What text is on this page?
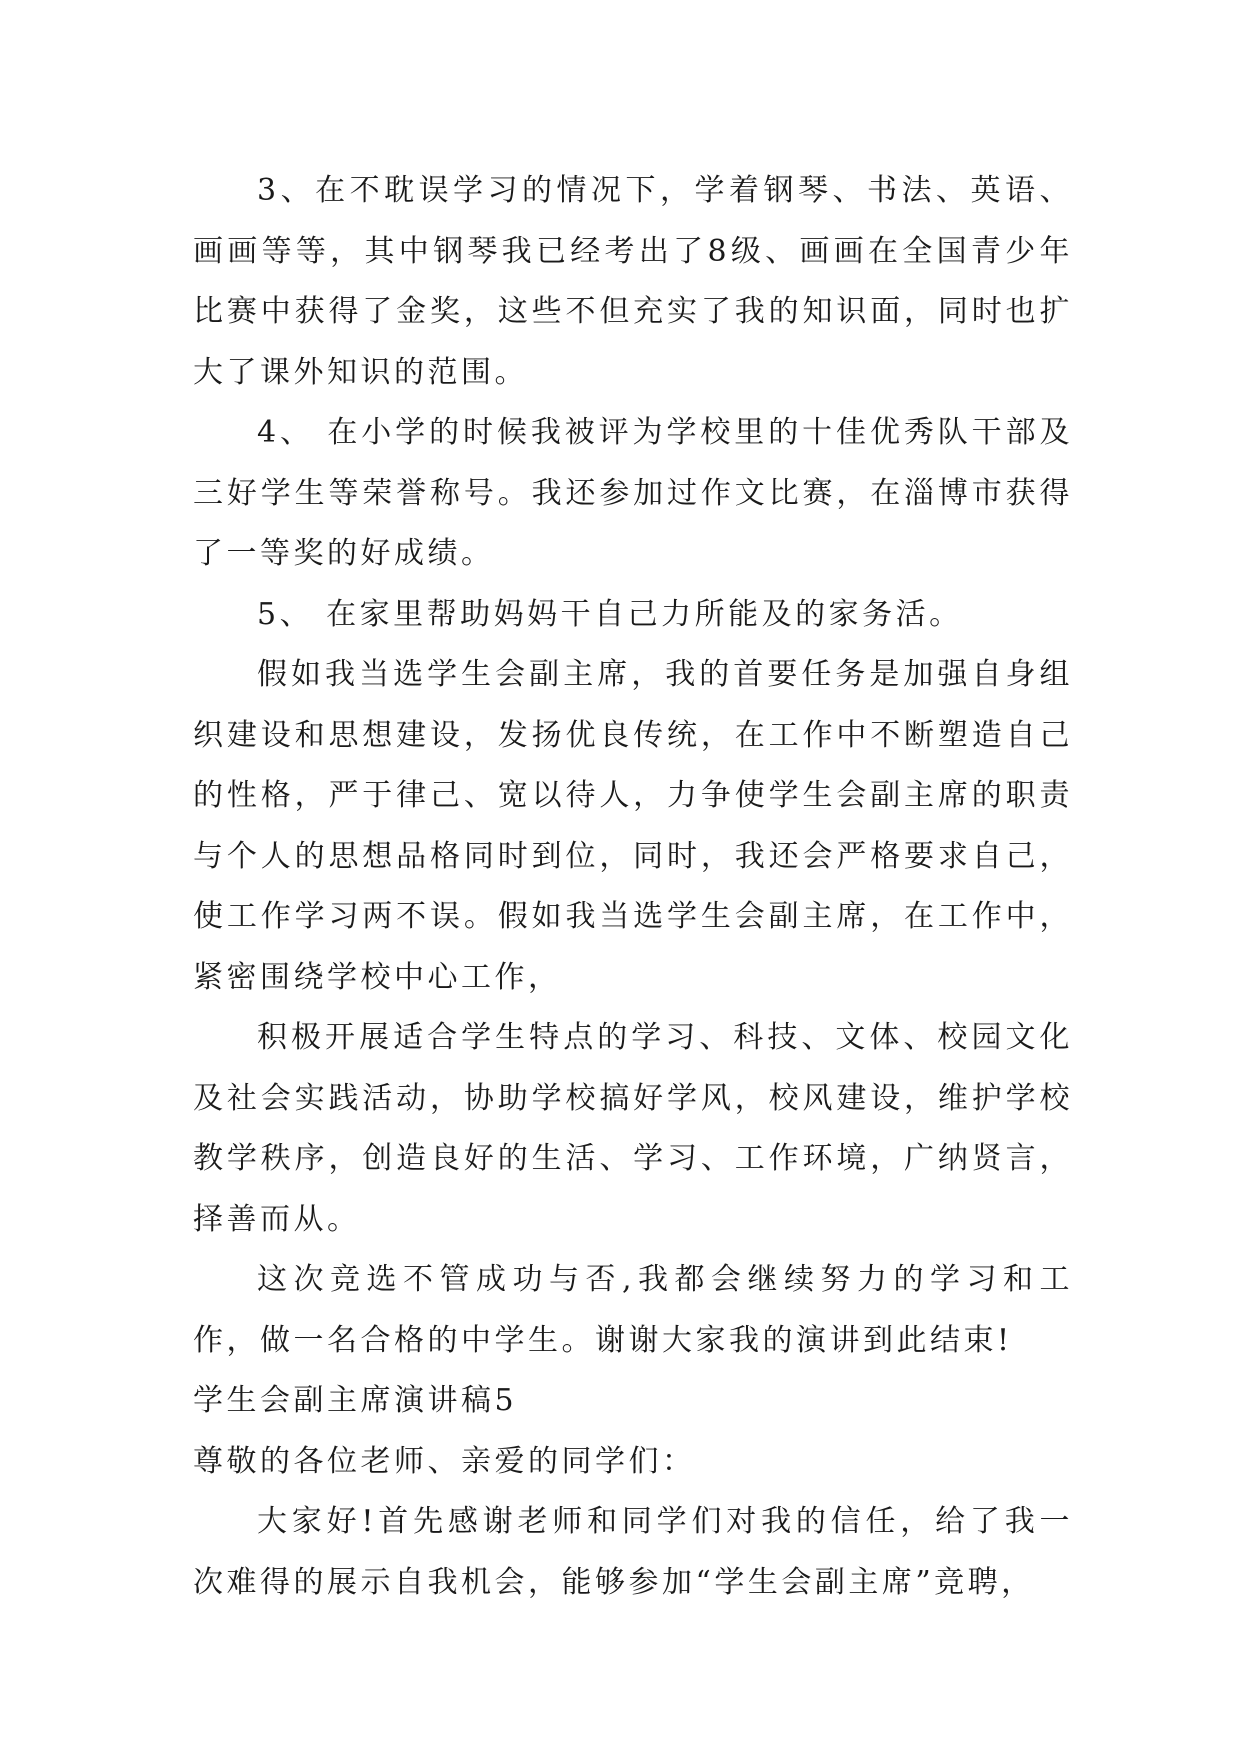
3、在不耽误学习的情况下，学着钢琴、书法、英语、画画等等，其中钢琴我已经考出了8级、画画在全国青少年比赛中获得了金奖，这些不但充实了我的知识面，同时也扩大了课外知识的范围。

4、 在小学的时候我被评为学校里的十佳优秀队干部及三好学生等荣誉称号。我还参加过作文比赛，在淄博市获得了一等奖的好成绩。

5、 在家里帮助妈妈干自己力所能及的家务活。

假如我当选学生会副主席，我的首要任务是加强自身组织建设和思想建设，发扬优良传统，在工作中不断塑造自己的性格，严于律己、宽以待人，力争使学生会副主席的职责与个人的思想品格同时到位，同时，我还会严格要求自己，使工作学习两不误。假如我当选学生会副主席，在工作中，紧密围绕学校中心工作，

积极开展适合学生特点的学习、科技、文体、校园文化及社会实践活动，协助学校搞好学风，校风建设，维护学校教学秩序，创造良好的生活、学习、工作环境，广纳贤言，择善而从。

这次竞选不管成功与否,我都会继续努力的学习和工作，做一名合格的中学生。谢谢大家我的演讲到此结束!

学生会副主席演讲稿5

尊敬的各位老师、亲爱的同学们：

大家好!首先感谢老师和同学们对我的信任，给了我一次难得的展示自我机会，能够参加“学生会副主席”竞聘，
